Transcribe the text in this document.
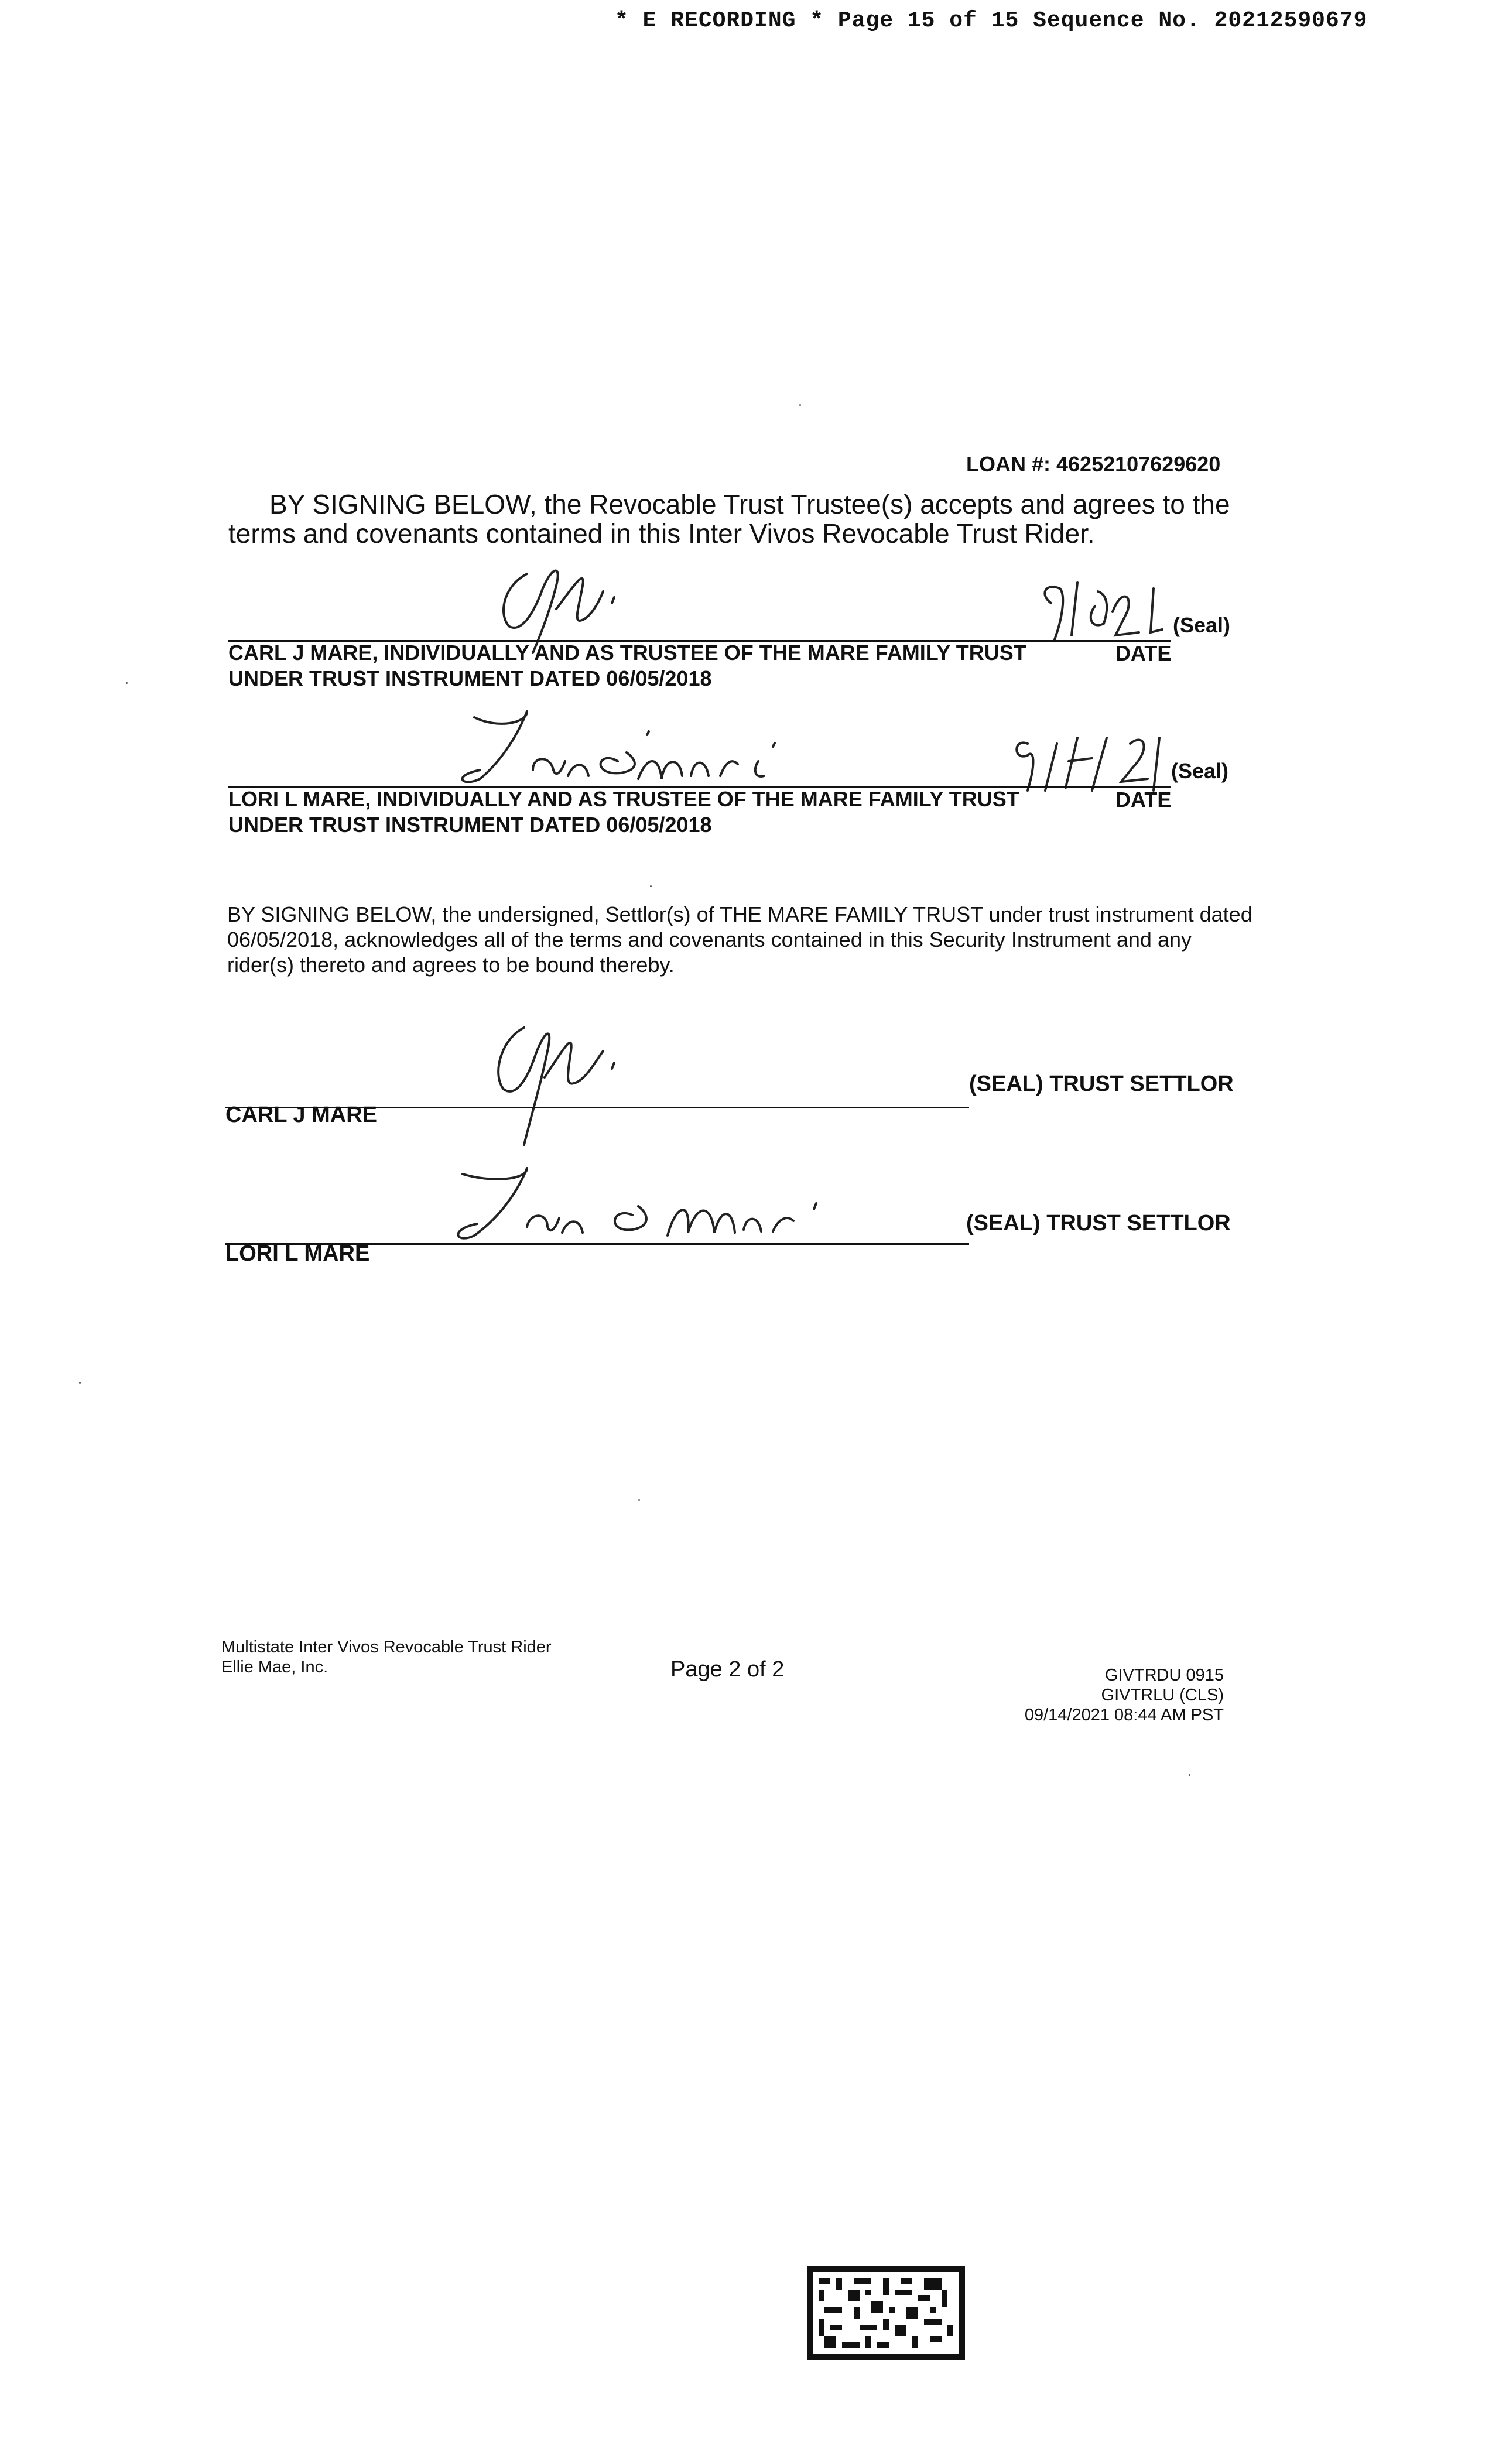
* E RECORDING * Page 15 of 15 Sequence No. 20212590679
LOAN #: 46252107629620
BY SIGNING BELOW, the Revocable Trust Trustee(s) accepts and agrees to the terms and covenants contained in this Inter Vivos Revocable Trust Rider.
(Seal)
CARL J MARE, INDIVIDUALLY AND AS TRUSTEE OF THE MARE FAMILY TRUST	DATE
UNDER TRUST INSTRUMENT DATED 06/05/2018
(Seal)
LORI L MARE, INDIVIDUALLY AND AS TRUSTEE OF THE MARE FAMILY TRUST	DATE
UNDER TRUST INSTRUMENT DATED 06/05/2018
BY SIGNING BELOW, the undersigned, Settlor(s) of THE MARE FAMILY TRUST under trust instrument dated 06/05/2018, acknowledges all of the terms and covenants contained in this Security Instrument and any rider(s) thereto and agrees to be bound thereby.
(SEAL) TRUST SETTLOR
CARL J MARE
(SEAL) TRUST SETTLOR
LORI L MARE
Multistate Inter Vivos Revocable Trust Rider
Ellie Mae, Inc.	Page 2 of 2	GIVTRDU 0915
GIVTRLU (CLS)
09/14/2021 08:44 AM PST
